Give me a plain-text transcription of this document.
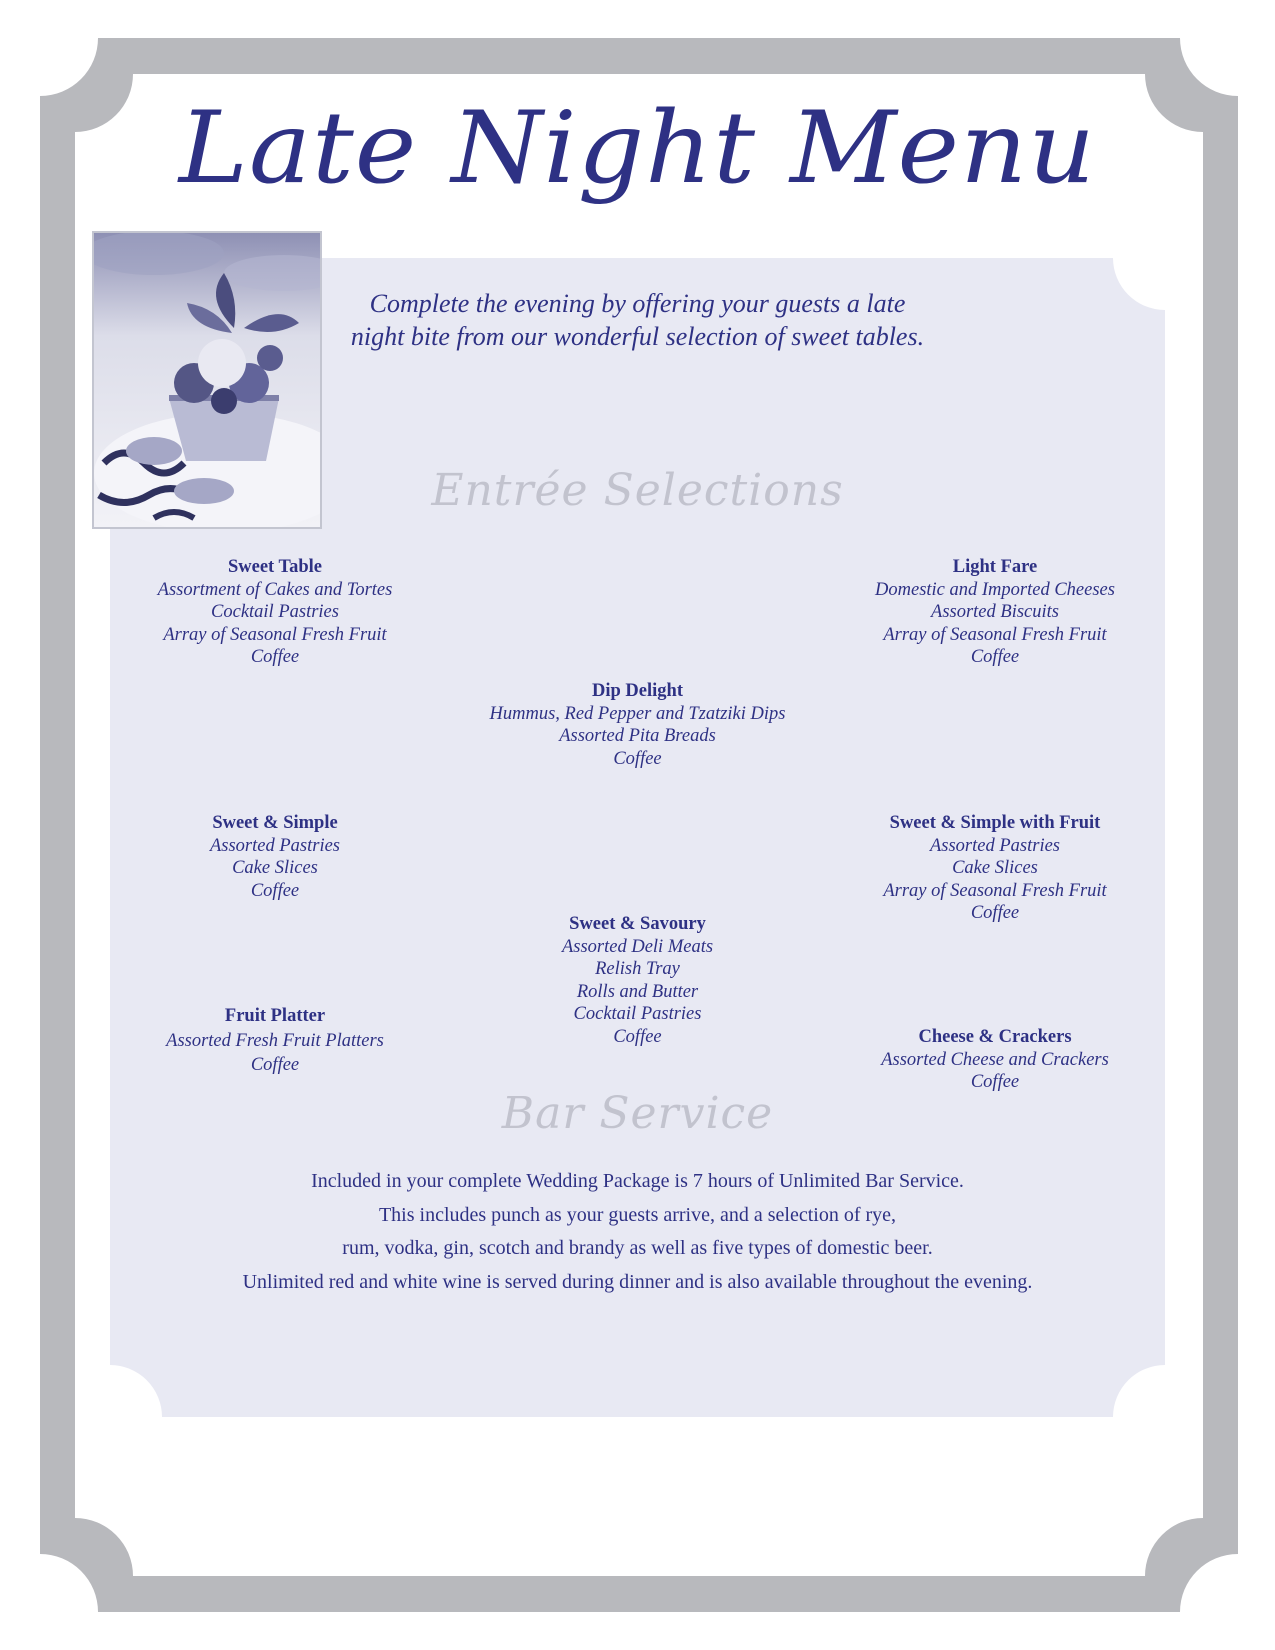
Late Night Menu
Complete the evening by offering your guests a late
night bite from our wonderful selection of sweet tables.
Entrée Selections
Sweet Table
Assortment of Cakes and Tortes
Cocktail Pastries
Array of Seasonal Fresh Fruit
Coffee
Light Fare
Domestic and Imported Cheeses
Assorted Biscuits
Array of Seasonal Fresh Fruit
Coffee
Dip Delight
Hummus, Red Pepper and Tzatziki Dips
Assorted Pita Breads
Coffee
Sweet & Simple
Assorted Pastries
Cake Slices
Coffee
Sweet & Simple with Fruit
Assorted Pastries
Cake Slices
Array of Seasonal Fresh Fruit
Coffee
Sweet & Savoury
Assorted Deli Meats
Relish Tray
Rolls and Butter
Cocktail Pastries
Coffee
Fruit Platter
Assorted Fresh Fruit Platters
Coffee
Cheese & Crackers
Assorted Cheese and Crackers
Coffee
Bar Service
Included in your complete Wedding Package is 7 hours of Unlimited Bar Service.
This includes punch as your guests arrive, and a selection of rye,
rum, vodka, gin, scotch and brandy as well as five types of domestic beer.
Unlimited red and white wine is served during dinner and is also available throughout the evening.
